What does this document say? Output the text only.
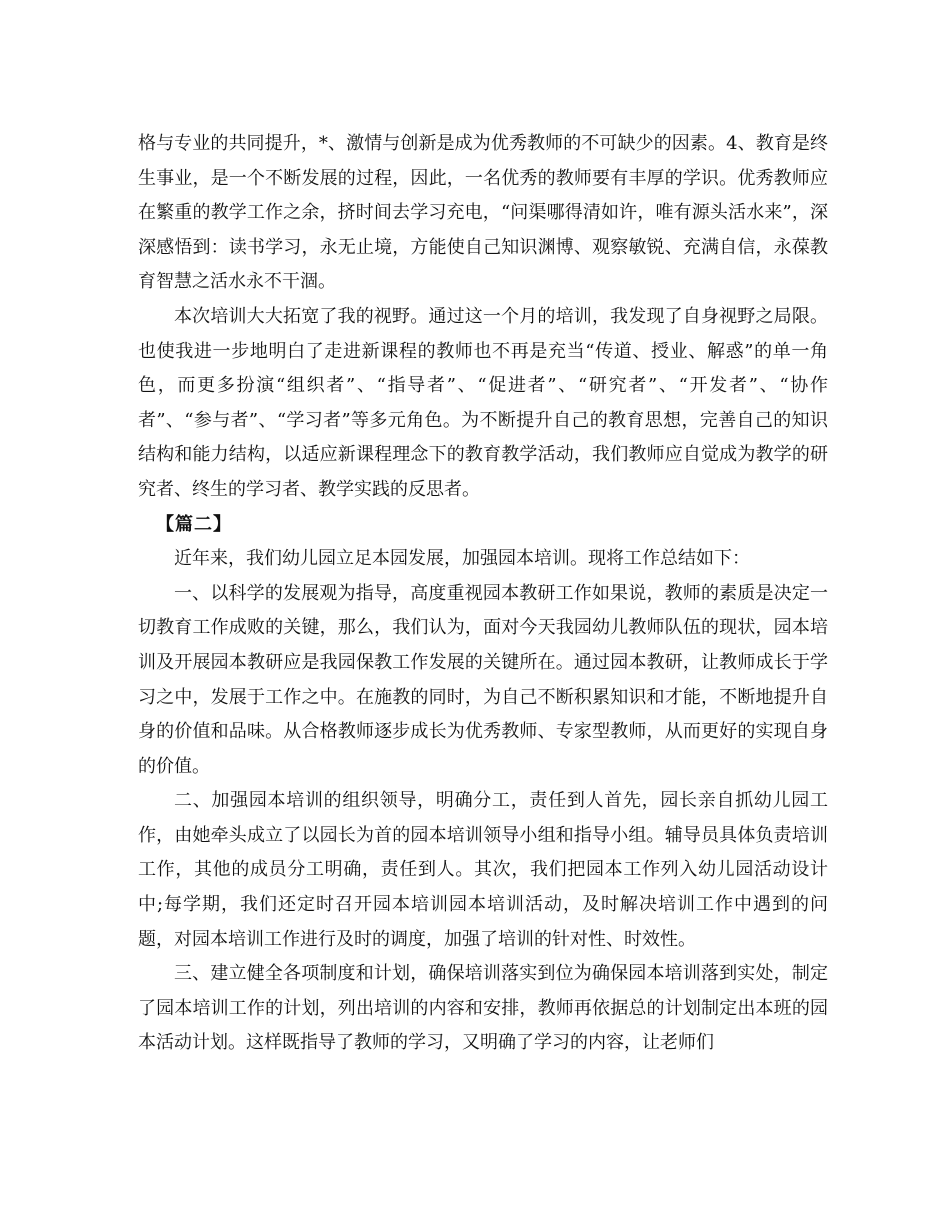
格与专业的共同提升，*、激情与创新是成为优秀教师的不可缺少的因素。4、教育是终生事业，是一个不断发展的过程，因此，一名优秀的教师要有丰厚的学识。优秀教师应在繁重的教学工作之余，挤时间去学习充电，“问渠哪得清如许，唯有源头活水来”，深深感悟到：读书学习，永无止境，方能使自己知识渊博、观察敏锐、充满自信，永葆教育智慧之活水永不干涸。

本次培训大大拓宽了我的视野。通过这一个月的培训，我发现了自身视野之局限。也使我进一步地明白了走进新课程的教师也不再是充当“传道、授业、解惑”的单一角色，而更多扮演“组织者”、“指导者”、“促进者”、“研究者”、“开发者”、“协作者”、“参与者”、“学习者”等多元角色。为不断提升自己的教育思想，完善自己的知识结构和能力结构，以适应新课程理念下的教育教学活动，我们教师应自觉成为教学的研究者、终生的学习者、教学实践的反思者。

【篇二】

近年来，我们幼儿园立足本园发展，加强园本培训。现将工作总结如下：

一、以科学的发展观为指导，高度重视园本教研工作如果说，教师的素质是决定一切教育工作成败的关键，那么，我们认为，面对今天我园幼儿教师队伍的现状，园本培训及开展园本教研应是我园保教工作发展的关键所在。通过园本教研，让教师成长于学习之中，发展于工作之中。在施教的同时，为自己不断积累知识和才能，不断地提升自身的价值和品味。从合格教师逐步成长为优秀教师、专家型教师，从而更好的实现自身的价值。

二、加强园本培训的组织领导，明确分工，责任到人首先，园长亲自抓幼儿园工作，由她牵头成立了以园长为首的园本培训领导小组和指导小组。辅导员具体负责培训工作，其他的成员分工明确，责任到人。其次，我们把园本工作列入幼儿园活动设计中;每学期，我们还定时召开园本培训园本培训活动，及时解决培训工作中遇到的问题，对园本培训工作进行及时的调度，加强了培训的针对性、时效性。

三、建立健全各项制度和计划，确保培训落实到位为确保园本培训落到实处，制定了园本培训工作的计划，列出培训的内容和安排，教师再依据总的计划制定出本班的园本活动计划。这样既指导了教师的学习，又明确了学习的内容，让老师们
